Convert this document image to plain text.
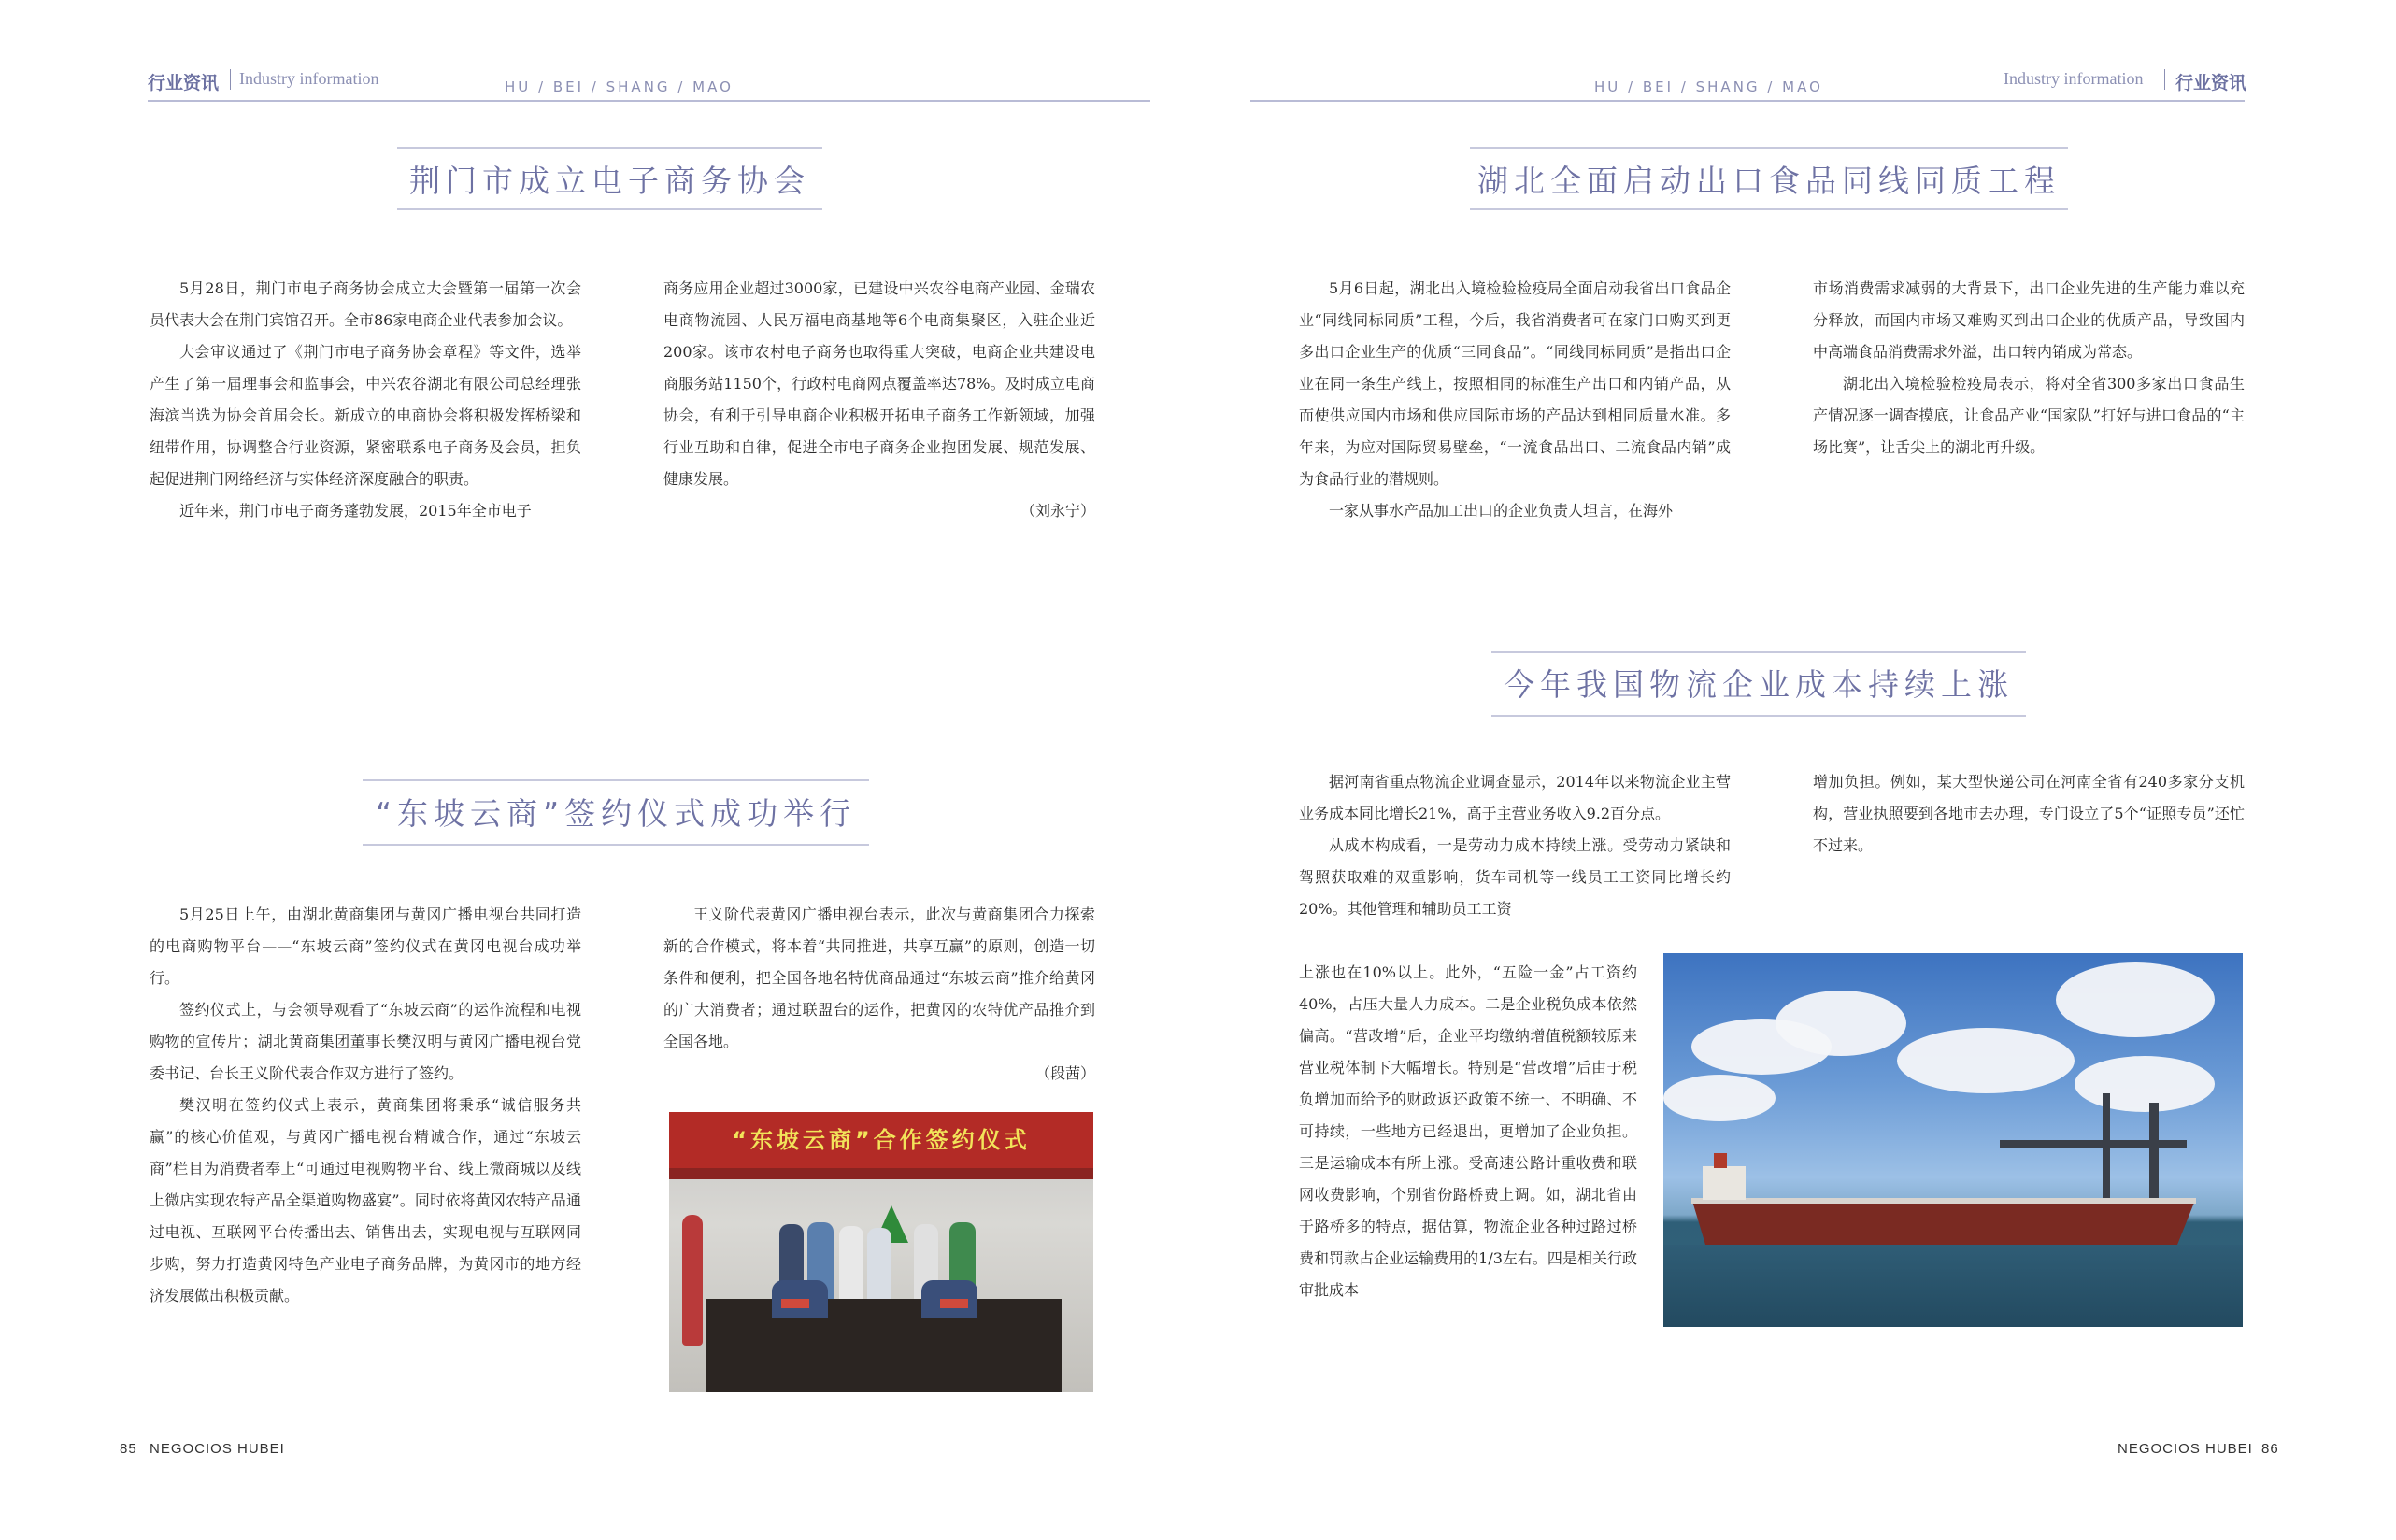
行业资讯 Industry information	HU / BEI / SHANG / MAO	HU / BEI / SHANG / MAO	Industry information 行业资讯
荆门市成立电子商务协会

5月28日，荆门市电子商务协会成立大会暨第一届第一次会员代表大会在荆门宾馆召开。全市86家电商企业代表参加会议。

大会审议通过了《荆门市电子商务协会章程》等文件，选举产生了第一届理事会和监事会，中兴农谷湖北有限公司总经理张海滨当选为协会首届会长。新成立的电商协会将积极发挥桥梁和纽带作用，协调整合行业资源，紧密联系电子商务及会员，担负起促进荆门网络经济与实体经济深度融合的职责。

近年来，荆门市电子商务蓬勃发展，2015年全市电子

商务应用企业超过3000家，已建设中兴农谷电商产业园、金瑞农电商物流园、人民万福电商基地等6个电商集聚区，入驻企业近200家。该市农村电子商务也取得重大突破，电商企业共建设电商服务站1150个，行政村电商网点覆盖率达78%。及时成立电商协会，有利于引导电商企业积极开拓电子商务工作新领域，加强行业互助和自律，促进全市电子商务企业抱团发展、规范发展、健康发展。

（刘永宁）

“东坡云商”签约仪式成功举行

5月25日上午，由湖北黄商集团与黄冈广播电视台共同打造的电商购物平台——“东坡云商”签约仪式在黄冈电视台成功举行。

签约仪式上，与会领导观看了“东坡云商”的运作流程和电视购物的宣传片；湖北黄商集团董事长樊汉明与黄冈广播电视台党委书记、台长王义阶代表合作双方进行了签约。

樊汉明在签约仪式上表示，黄商集团将秉承“诚信服务共赢”的核心价值观，与黄冈广播电视台精诚合作，通过“东坡云商”栏目为消费者奉上“可通过电视购物平台、线上微商城以及线上微店实现农特产品全渠道购物盛宴”。同时依将黄冈农特产品通过电视、互联网平台传播出去、销售出去，实现电视与互联网同步购，努力打造黄冈特色产业电子商务品牌，为黄冈市的地方经济发展做出积极贡献。

王义阶代表黄冈广播电视台表示，此次与黄商集团合力探索新的合作模式，将本着“共同推进，共享互赢”的原则，创造一切条件和便利，把全国各地名特优商品通过“东坡云商”推介给黄冈的广大消费者；通过联盟台的运作，把黄冈的农特优产品推介到全国各地。

（段茜）

“东坡云商”合作签约仪式
湖北全面启动出口食品同线同质工程

5月6日起，湖北出入境检验检疫局全面启动我省出口食品企业“同线同标同质”工程，今后，我省消费者可在家门口购买到更多出口企业生产的优质“三同食品”。“同线同标同质”是指出口企业在同一条生产线上，按照相同的标准生产出口和内销产品，从而使供应国内市场和供应国际市场的产品达到相同质量水准。多年来，为应对国际贸易壁垒，“一流食品出口、二流食品内销”成为食品行业的潜规则。

一家从事水产品加工出口的企业负责人坦言，在海外

市场消费需求减弱的大背景下，出口企业先进的生产能力难以充分释放，而国内市场又难购买到出口企业的优质产品，导致国内中高端食品消费需求外溢，出口转内销成为常态。

湖北出入境检验检疫局表示，将对全省300多家出口食品生产情况逐一调查摸底，让食品产业“国家队”打好与进口食品的“主场比赛”，让舌尖上的湖北再升级。

今年我国物流企业成本持续上涨

据河南省重点物流企业调查显示，2014年以来物流企业主营业务成本同比增长21%，高于主营业务收入9.2百分点。

从成本构成看，一是劳动力成本持续上涨。受劳动力紧缺和驾照获取难的双重影响，货车司机等一线员工工资同比增长约20%。其他管理和辅助员工工资

上涨也在10%以上。此外，“五险一金”占工资约40%，占压大量人力成本。二是企业税负成本依然偏高。“营改增”后，企业平均缴纳增值税额较原来营业税体制下大幅增长。特别是“营改增”后由于税负增加而给予的财政返还政策不统一、不明确、不可持续，一些地方已经退出，更增加了企业负担。三是运输成本有所上涨。受高速公路计重收费和联网收费影响，个别省份路桥费上调。如，湖北省由于路桥多的特点，据估算，物流企业各种过路过桥费和罚款占企业运输费用的1/3左右。四是相关行政审批成本

增加负担。例如，某大型快递公司在河南全省有240多家分支机构，营业执照要到各地市去办理，专门设立了5个“证照专员”还忙不过来。

85 NEGOCIOS HUBEI	NEGOCIOS HUBEI 86
